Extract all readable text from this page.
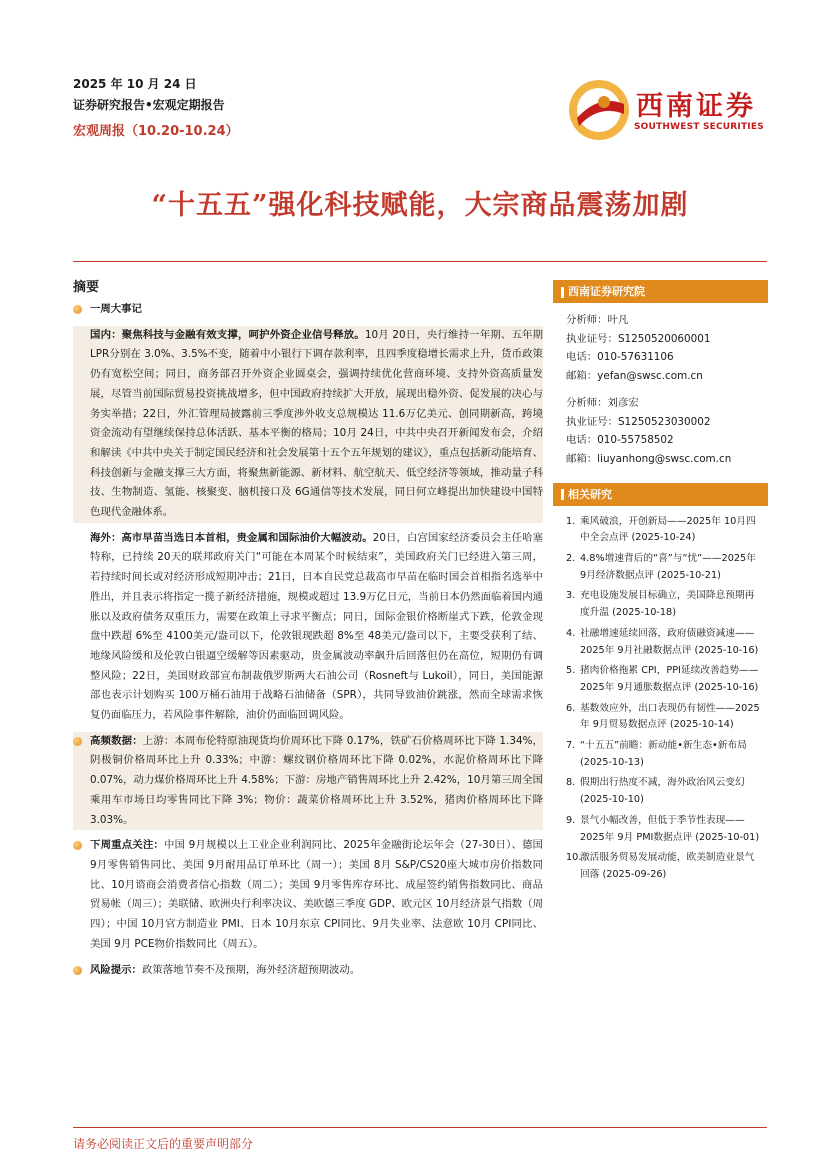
2025 年 10 月 24 日
证券研究报告•宏观定期报告
宏观周报（10.20-10.24）
西南证券
SOUTHWEST SECURITIES
“十五五”强化科技赋能，大宗商品震荡加剧
摘要
一周大事记
国内：聚焦科技与金融有效支撑，呵护外资企业信号释放。10月 20日，央行维持一年期、五年期 LPR分别在 3.0%、3.5%不变，随着中小银行下调存款利率，且四季度稳增长需求上升，货币政策仍有宽松空间；同日，商务部召开外资企业圆桌会，强调持续优化营商环境、支持外资高质量发展，尽管当前国际贸易投资挑战增多，但中国政府持续扩大开放，展现出稳外资、促发展的决心与务实举措；22日，外汇管理局披露前三季度涉外收支总规模达 11.6万亿美元、创同期新高，跨境资金流动有望继续保持总体活跃、基本平衡的格局；10月 24日，中共中央召开新闻发布会，介绍和解读《中共中央关于制定国民经济和社会发展第十五个五年规划的建议》，重点包括新动能培育、科技创新与金融支撑三大方面，将聚焦新能源、新材料、航空航天、低空经济等领域，推动量子科技、生物制造、氢能、核聚变、脑机接口及 6G通信等技术发展，同日何立峰提出加快建设中国特色现代金融体系。
海外：高市早苗当选日本首相，贵金属和国际油价大幅波动。20日，白宫国家经济委员会主任哈塞特称，已持续 20天的联邦政府关门“可能在本周某个时候结束”，美国政府关门已经进入第三周，若持续时间长或对经济形成短期冲击；21日，日本自民党总裁高市早苗在临时国会首相指名选举中胜出，并且表示将指定一揽子新经济措施，规模或超过 13.9万亿日元，当前日本仍然面临着国内通胀以及政府债务双重压力，需要在政策上寻求平衡点；同日，国际金银价格断崖式下跌，伦敦金现盘中跌超 6%至 4100美元/盎司以下，伦敦银现跌超 8%至 48美元/盎司以下，主要受获利了结、地缘风险缓和及伦敦白银逼空缓解等因素驱动，贵金属波动率飙升后回落但仍在高位，短期仍有调整风险；22日，美国财政部宣布制裁俄罗斯两大石油公司（Rosneft与 Lukoil），同日，美国能源部也表示计划购买 100万桶石油用于战略石油储备（SPR），共同导致油价跳涨，然而全球需求恢复仍面临压力，若风险事件解除，油价仍面临回调风险。
高频数据：上游：本周布伦特原油现货均价周环比下降 0.17%，铁矿石价格周环比下降 1.34%，阴极铜价格周环比上升 0.33%；中游：螺纹钢价格周环比下降 0.02%，水泥价格周环比下降 0.07%，动力煤价格周环比上升 4.58%；下游：房地产销售周环比上升 2.42%，10月第三周全国乘用车市场日均零售同比下降 3%；物价：蔬菜价格周环比上升 3.52%，猪肉价格周环比下降 3.03%。
下周重点关注：中国 9月规模以上工业企业利润同比、2025年金融街论坛年会（27-30日）、德国 9月零售销售同比、美国 9月耐用品订单环比（周一）；美国 8月 S&P/CS20座大城市房价指数同比、10月谘商会消费者信心指数（周二）；美国 9月零售库存环比、成屋签约销售指数同比、商品贸易帐（周三）；美联储、欧洲央行利率决议、美欧德三季度 GDP、欧元区 10月经济景气指数（周四）；中国 10月官方制造业 PMI、日本 10月东京 CPI同比、9月失业率、法意欧 10月 CPI同比、美国 9月 PCE物价指数同比（周五）。
风险提示：政策落地节奏不及预期，海外经济超预期波动。
西南证券研究院
分析师：叶凡
执业证号：S1250520060001
电话：010-57631106
邮箱：yefan@swsc.com.cn
分析师：刘彦宏
执业证号：S1250523030002
电话：010-55758502
邮箱：liuyanhong@swsc.com.cn
相关研究
1. 乘风破浪，开创新局——2025年 10月四中全会点评 (2025-10-24)
2. 4.8%增速背后的“喜”与“忧”——2025年 9月经济数据点评 (2025-10-21)
3. 充电设施发展目标确立，美国降息预期再度升温 (2025-10-18)
4. 社融增速延续回落，政府债融资减速——2025年 9月社融数据点评 (2025-10-16)
5. 猪肉价格拖累 CPI，PPI延续改善趋势——2025年 9月通胀数据点评 (2025-10-16)
6. 基数效应外，出口表现仍有韧性——2025年 9月贸易数据点评 (2025-10-14)
7. “十五五”前瞻：新动能•新生态•新布局 (2025-10-13)
8. 假期出行热度不减，海外政治风云变幻 (2025-10-10)
9. 景气小幅改善，但低于季节性表现——2025年 9月 PMI数据点评 (2025-10-01)
10.
激活服务贸易发展动能，欧美制造业景气回落 (2025-09-26)
请务必阅读正文后的重要声明部分
